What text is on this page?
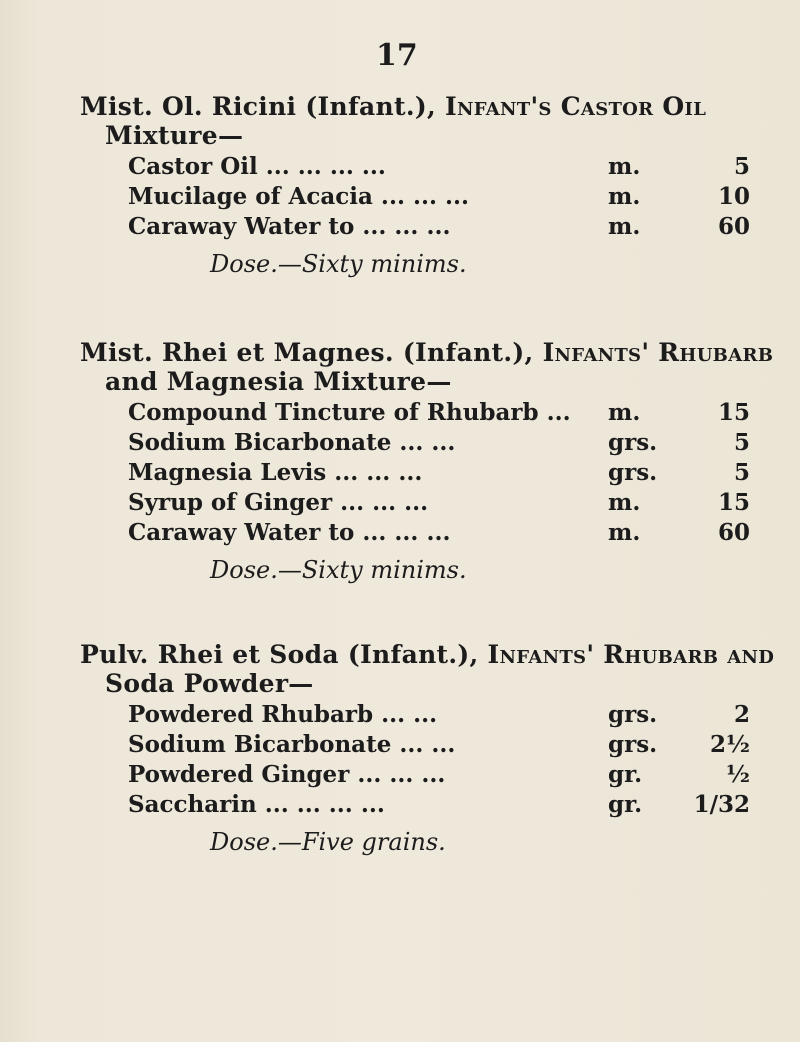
17
Mist. Ol. Ricini (Infant.), Infant's Castor Oil
Mixture—
Castor Oil ... ... ... ...	m.	5
Mucilage of Acacia ... ... ...	m.	10
Caraway Water to ... ... ...	m.	60
Dose.—Sixty minims.
Mist. Rhei et Magnes. (Infant.), Infants' Rhubarb
and Magnesia Mixture—
Compound Tincture of Rhubarb ... m.	15
Sodium Bicarbonate ... ...	grs.	5
Magnesia Levis ... ... ...	grs.	5
Syrup of Ginger ... ... ...	m.	15
Caraway Water to ... ... ...	m.	60
Dose.—Sixty minims.
Pulv. Rhei et Soda (Infant.), Infants' Rhubarb and
Soda Powder—
Powdered Rhubarb ... ...	grs.	2
Sodium Bicarbonate ... ...	grs. 2½
Powdered Ginger ... ... ...	gr.	½
Saccharin ... ... ... ...	gr. 1/32
Dose.—Five grains.
